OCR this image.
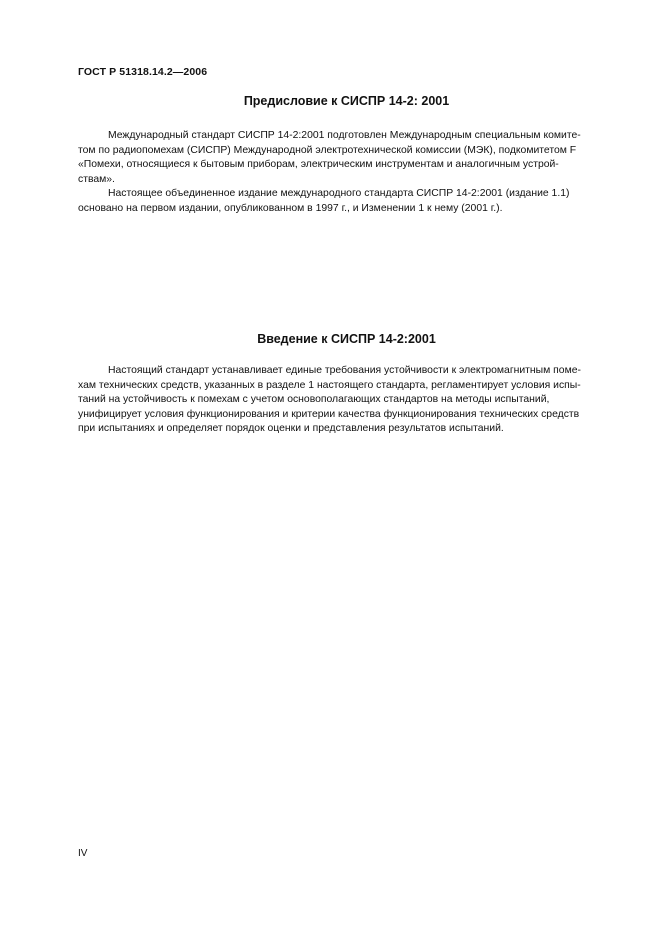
ГОСТ Р 51318.14.2—2006
Предисловие к СИСПР 14-2: 2001

Международный стандарт СИСПР 14-2:2001 подготовлен Международным специальным комите-
том по радиопомехам (СИСПР) Международной электротехнической комиссии (МЭК), подкомитетом F
«Помехи, относящиеся к бытовым приборам, электрическим инструментам и аналогичным устрой-
ствам».

Настоящее объединенное издание международного стандарта СИСПР 14-2:2001 (издание 1.1)
основано на первом издании, опубликованном в 1997 г., и Изменении 1 к нему (2001 г.).

Введение к СИСПР 14-2:2001

Настоящий стандарт устанавливает единые требования устойчивости к электромагнитным поме-
хам технических средств, указанных в разделе 1 настоящего стандарта, регламентирует условия испы-
таний на устойчивость к помехам с учетом основополагающих стандартов на методы испытаний,
унифицирует условия функционирования и критерии качества функционирования технических средств
при испытаниях и определяет порядок оценки и представления результатов испытаний.

IV
